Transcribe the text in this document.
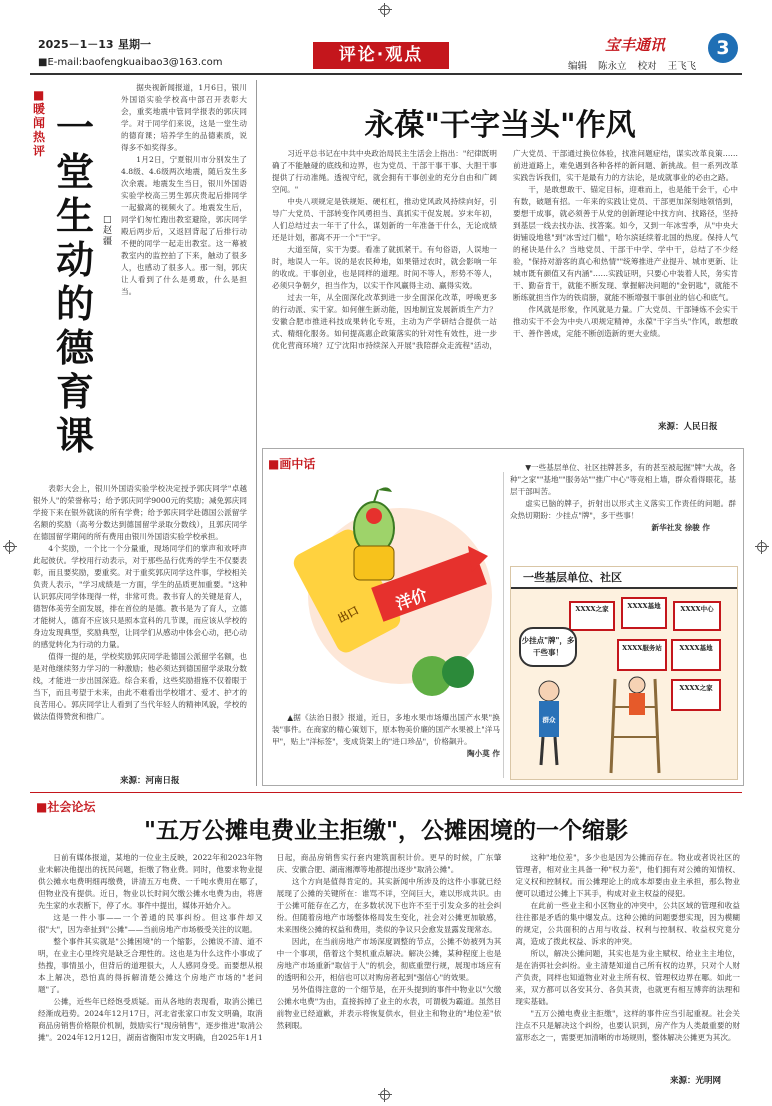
2025－1－13 星期一
■E-mail:baofengkuaibao3@163.com	评论·观点	宝丰通讯	3
编辑 陈永立 校对 王飞飞
■暖闻热评
一堂生动的德育课
□
赵 疆

据央视新闻报道，1月6日，银川外国语实验学校高中部召开表彰大会，重奖地震中管同学报表的郭庆同学。对于同学们来说，这是一堂生动的德育课；培养学生的品德素质，说得多不如奖得多。

1月2日，宁夏银川市分别发生了4.8级、4.6级两次地震，随后发生多次余震。地震发生当日，银川外国语实验学校高三男生郭庆贵起后排同学一起撤离的视频火了。地震发生后，同学们匆忙跑出教室避险，郭庆同学殿后两步后，又返回背起了后排行动不便的同学一起走出教室。这一幕被教室内的监控拍了下来，触动了很多人，也感动了很多人。那一刻，郭庆让人看到了什么是勇敢，什么是担当。

表彰大会上，银川外国语实验学校决定授予郭庆同学"卓越银外人"的荣誉称号；给予郭庆同学9000元的奖励；减免郭庆同学接下来在银外就读的所有学费；给予郭庆同学赴德国公派留学名额的奖励（高考分数达到德国留学录取分数线），且郭庆同学在德国留学期间的所有费用由银川外国语实验学校承担。

4个奖励，一个比一个分量重，现场同学们的掌声和欢呼声此起彼伏。学校用行动表示，对于那些品行优秀的学生不仅要表彰，而且要奖励，要重奖。对于重奖郭庆同学这件事，学校相关负责人表示，"学习成绩是一方面，学生的品质更加重要。"这种认识郭庆同学体现得一样，非常可贵。教书育人的关键是育人，德智体美劳全面发展，排在首位的是德。教书是为了育人，立德才能树人，德育不应该只是照本宣科的几节课，而应该从学校的身边发现典型，奖励典型，让同学们从感动中体会心动，把心动的感觉转化为行动的力量。

值得一提的是，学校奖励郭庆同学赴德国公派留学名额，也是对他继续努力学习的一种激励；他必须达到德国留学录取分数线，才能进一步出国深造。综合来看，这些奖励措施不仅着眼于当下，而且考望于未来，由此不难看出学校增才、爱才、护才的良苦用心。郭庆同学让人看到了当代年轻人的精神风貌，学校的做法值得赞赏和推广。

来源：河南日报
永葆"干字当头"作风

习近平总书记在中共中央政治局民主生活会上指出："纪律既明确了不能触碰的底线和边界，也为党员、干部干事干事、大胆干事提供了行动准绳。透视守纪，就会拥有干事创业的充分自由和广阔空间。"

中央八项规定是铁规矩、硬杠杠，推动党风政风持续向好，引导广大党员、干部转变作风勇担当、真抓实干促发展。岁末年初，人们总结过去一年干了什么，谋划新的一年准备干什么，无论成绩还是计划，都离不开一个"干"字。

大道至简，实干为要。看准了就抓紧干。有句俗语，人误地一时，地误人一年。说的是农民种地，如果错过农时，就会影响一年的收成。干事创业，也是同样的道理。时间不等人，形势不等人，必须只争朝夕，担当作为，以实干作风赢得主动、赢得实效。

过去一年，从全面深化改革到进一步全面深化改革，呼唤更多的行动派、实干家。如何催生新动能，因地制宜发展新质生产力？安徽合肥市推进科技成果转化专班，主动为产学研结合提供一站式、精细化服务。如何提高惠企政策落实的针对性有效性，进一步优化营商环境？辽宁沈阳市持续深入开展"我陪群众走流程"活动，广大党员、干部通过换位体验，找准问题症结，谋实改革良策……前进道路上，难免遇到各种各样的新问题、新挑战。但一系列改革实践告诉我们，实干是最有力的方法论，是成就事业的必由之路。

干，是敢想敢干、锚定目标，迎难而上，也是能干会干，心中有数，破题有招。一年来的实践让党员、干部更加深刻地领悟到，要想干成事，就必须善于从党的创新理论中找方向、找路径，坚持到基层一线去找办法、找答案。如今，又到一年冰雪季，从"中央大街铺设地毯"到"冰雪过门槛"，哈尔滨延续着北国的热度。保持人气的秘诀是什么？当地党员、干部干中学、学中干，总结了不少经验，"保持对游客的真心和热情""统筹推进产业提升、城市更新、让城市既有颜值又有内涵"……实践证明，只要心中装着人民，务实肯干、勤奋肯干，就能不断发现、掌握解决问题的"金钥匙"，就能不断练就担当作为的铁肩膀，就能不断增强干事创业的信心和底气。

作风就是形象，作风就是力量。广大党员、干部锤炼不会实干推动实干不会为中央八项规定精神，永葆"干字当头"作风，敢想敢干、善作善成，定能不断创造新的更大业绩。

来源：人民日报
■画中话
洋价
出口

▲据《法治日报》报道，近日，多地水果市场爆出国产水果"换装"事件。在商家的精心策划下，原本物美价廉的国产水果被上"洋马甲"，贴上"洋标签"，变成货架上的"进口珍品"，价格飙升。

陶小莫 作

▼一些基层单位、社区挂牌甚多，有的甚至被起掘"牌"大战，各种"之家""基地""服务站""推广中心"等竞相上墙，群众看得眼花，基层干部叫苦。

虚实已脑的牌子，折射出以形式主义落实工作责任的问题。群众热切期盼：少挂点"牌"，多干些事！

新华社发 徐骏 作
一些基层单位、社区
XXXX之家	XXXX基地	XXXX中心
XXXX服务站	XXXX基地
XXXX之家
少挂点"牌"，多干些事！
群众
■社会论坛
"五万公摊电费业主拒缴"，公摊困境的一个缩影

日前有媒体报道，某地的一位业主反映，2022年和2023年物业未解决他提出的抚民问题，拒缴了物业费。同时，他要求物业提供公摊水电费明细再缴费，讲清五万电费、一千吨水费用在哪了，但物业没有提供。近日，物业以长时间欠缴公摊水电费为由，将唐先生家的水表断下，停了水。事件中提出，媒体开始介入。

这是一件小事——一个普通的民事纠纷。但这事件却又很"大"，因为牵扯到"公摊"——当前房地产市场极受关注的议题。

整个事件其实就是"公摊困境"的一个缩影，公摊说不清、道不明，在业主心里终究是缺乏合理性的。这也是为什么这件小事成了热搜，事情虽小，但背后的道理很大，人人感同身受。而要想从根本上解决，恐怕真的得拆解清楚公摊这个房地产市场的"老问题"了。

公摊，近些年已经饱受质疑。而从各地的表现看，取消公摊已经渐成趋势。2024年12月17日，河北省张家口市发文明确，取消商品房销售价格限价机制，鼓励实行"现房销售"，逐步推进"取消公摊"。2024年12月12日，湖南省衡阳市发文明确，自2025年1月1日起，商品房销售实行套内建筑面积计价。更早的时候，广东肇庆、安徽合肥、湖南湘潭等地都提出逐步"取消公摊"。

这个方向是值得肯定的。其实新闻中所涉及的这件小事就已经展现了公摊的关键所在：谁骂不详，空间巨大，难以形成共识。由于公摊可能存在乙方，在多数状况下也许不至于引发众多的社会纠纷。但随着房地产市场整体格局发生变化，社会对公摊更加敏感，未来围绕公摊的权益和费用，类似的争议只会愈发显露发现常态。

因此，在当前房地产市场深度调整的节点，公摊不妨被列为其中一个事项，借着这个契机重点解决。解决公摊，某种程度上也是房地产市场重新"取信于人"的机会，彻底重塑行规，展现市场应有的透明和公开，相信也可以对购房者起到"强信心"的效果。

另外值得注意的一个细节是，在开头提到的事件中物业以"欠缴公摊水电费"为由，直接拆掉了业主的水表，可谓极为霸道。虽然目前物业已经道歉，并表示将恢复供水，但业主和物业的"地位差"依然刺眼。

这种"地位差"，多少也是因为公摊而存在。物业或者说社区的管理者，相对业主具备一种"权力差"，他们拥有对公摊的知情权、定义权和控制权。而公摊理论上的成本却要由业主承担，那么物业便可以通过公摊上下其手，构成对业主权益的侵犯。

在此前一些业主和小区物业的冲突中，公共区域的管理和收益往往都是矛盾的集中爆发点。这种公摊的问题要想实现，因为模糊的规定，公共面积的占用与收益、权利与控制权、收益权究竟分离，造成了拨此权益、诉求的冲突。

所以，解决公摊问题，其实也是为业主赋权、给业主主地位，是在消弭社会纠纷。业主清楚知道自己所有权的边界，只对个人财产负责，同样也知道物业对业主所有权、管理权边界在哪。如此一来，双方都可以各安其分、各负其责，也就更有相互博弈的法理和现实基础。

"五万公摊电费业主拒缴"，这样的事件应当引起重视。社会关注点不只是解决这个纠纷，也要认识到，房产作为人类最重要的财富形态之一，需要更加清晰的市场规则，整体解决公摊更为其次。

来源：光明网
